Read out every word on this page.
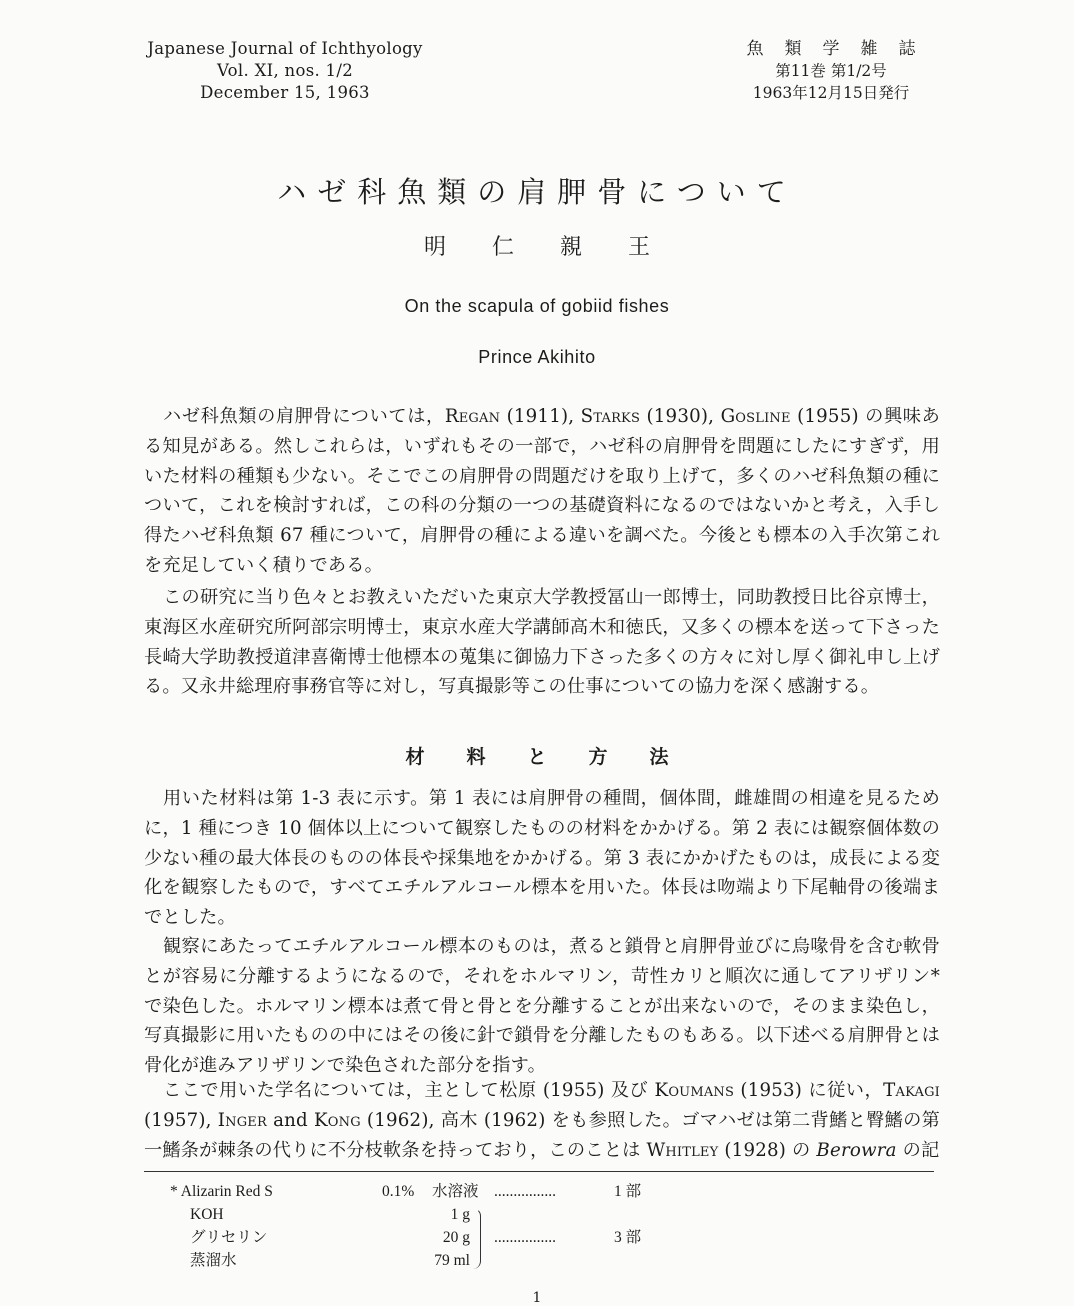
Japanese Journal of Ichthyology
Vol. XI, nos. 1/2
December 15, 1963
魚類学雑誌
第11巻 第1/2号
1963年12月15日発行
ハゼ科魚類の肩胛骨について
明仁親王
On the scapula of gobiid fishes
Prince Akihito

ハゼ科魚類の肩胛骨については，Regan (1911), Starks (1930), Gosline (1955) の興味ある知見がある。然しこれらは，いずれもその一部で，ハゼ科の肩胛骨を問題にしたにすぎず，用いた材料の種類も少ない。そこでこの肩胛骨の問題だけを取り上げて，多くのハゼ科魚類の種について，これを検討すれば，この科の分類の一つの基礎資料になるのではないかと考え，入手し得たハゼ科魚類 67 種について，肩胛骨の種による違いを調べた。今後とも標本の入手次第これを充足していく積りである。

この研究に当り色々とお教えいただいた東京大学教授冨山一郎博士，同助教授日比谷京博士，東海区水産研究所阿部宗明博士，東京水産大学講師高木和徳氏，又多くの標本を送って下さった長崎大学助教授道津喜衛博士他標本の蒐集に御協力下さった多くの方々に対し厚く御礼申し上げる。又永井総理府事務官等に対し，写真撮影等この仕事についての協力を深く感謝する。

材料と方法

用いた材料は第 1-3 表に示す。第 1 表には肩胛骨の種間，個体間，雌雄間の相違を見るために，1 種につき 10 個体以上について観察したものの材料をかかげる。第 2 表には観察個体数の少ない種の最大体長のものの体長や採集地をかかげる。第 3 表にかかげたものは，成長による変化を観察したもので，すべてエチルアルコール標本を用いた。体長は吻端より下尾軸骨の後端までとした。

観察にあたってエチルアルコール標本のものは，煮ると鎖骨と肩胛骨並びに烏喙骨を含む軟骨とが容易に分離するようになるので，それをホルマリン，苛性カリと順次に通してアリザリン*で染色した。ホルマリン標本は煮て骨と骨とを分離することが出来ないので，そのまま染色し，写真撮影に用いたものの中にはその後に針で鎖骨を分離したものもある。以下述べる肩胛骨とは骨化が進みアリザリンで染色された部分を指す。

ここで用いた学名については，主として松原 (1955) 及び Koumans (1953) に従い，Takagi (1957), Inger and Kong (1962), 高木 (1962) をも参照した。ゴマハゼは第二背鰭と臀鰭の第一鰭条が棘条の代りに不分枝軟条を持っており，このことは Whitley (1928) の Berowra の記

* Alizarin Red S	0.1% 水溶液 ................	1 部
KOH	1 g
グリセリン	20 g ................	3 部
蒸溜水	79 ml
1
